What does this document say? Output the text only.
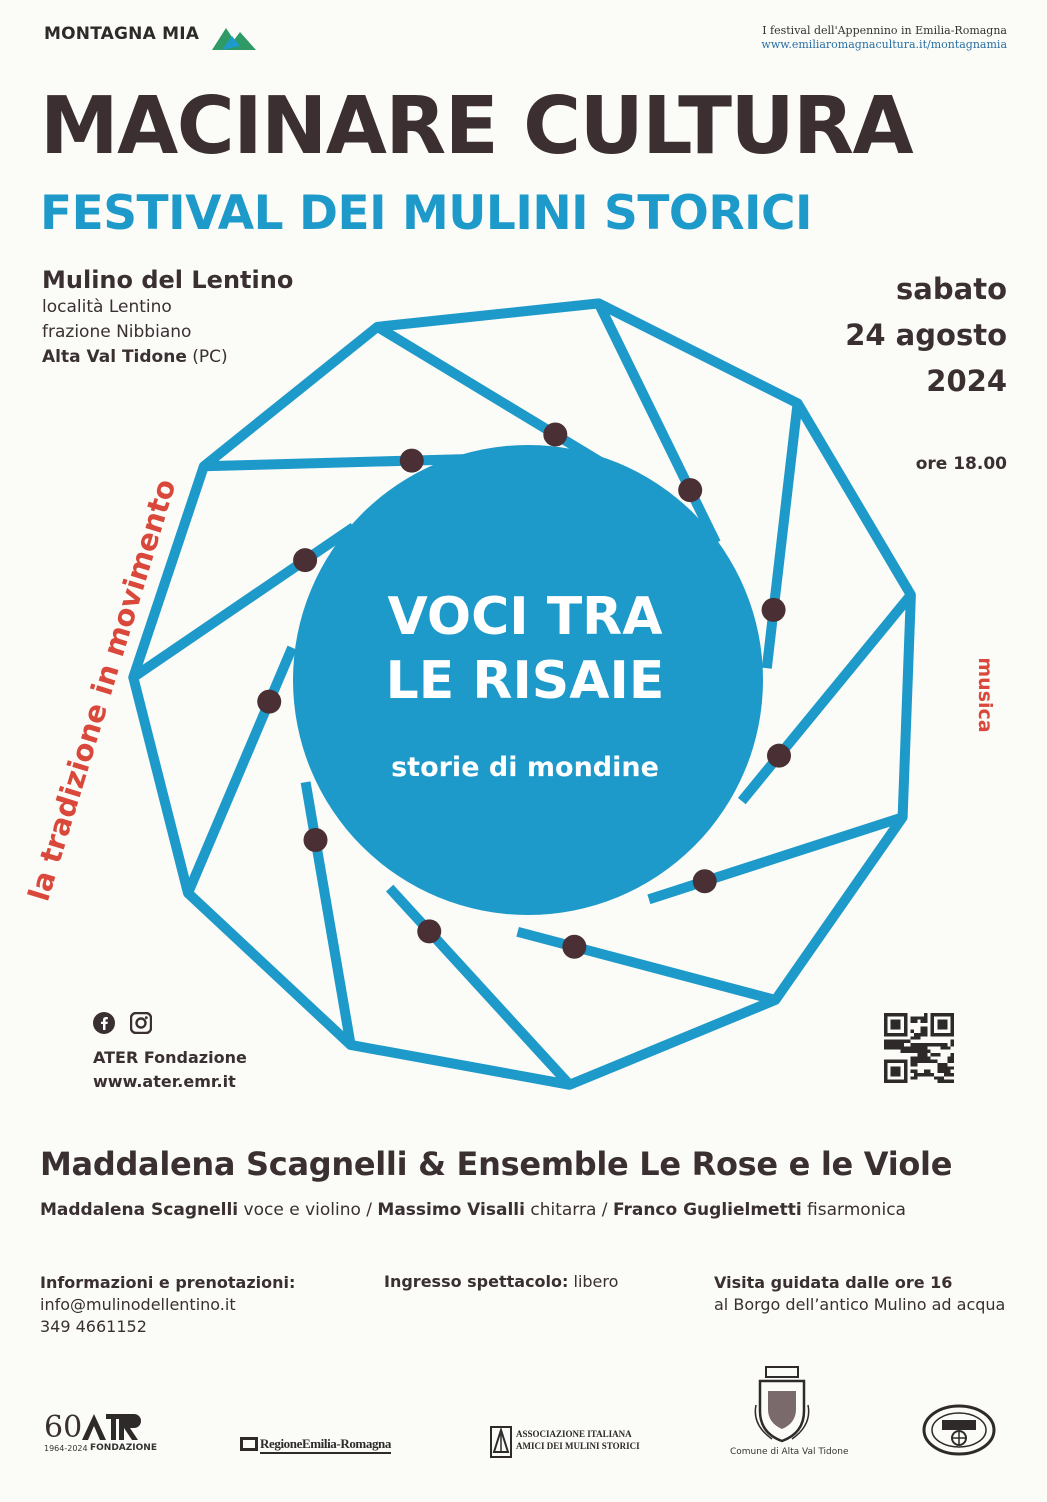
MONTAGNA MIA	I festival dell'Appennino in Emilia-Romagna
www.emiliaromagnacultura.it/montagnamia
MACINARE CULTURA
FESTIVAL DEI MULINI STORICI
Mulino del Lentino
località Lentino
frazione Nibbiano
Alta Val Tidone (PC)
sabato
24 agosto
2024
ore 18.00
la tradizione in movimento	musica
VOCI TRA
LE RISAIE
storie di mondine

ATER Fondazione
www.ater.emr.it
Maddalena Scagnelli & Ensemble Le Rose e le Viole
Maddalena Scagnelli voce e violino / Massimo Visalli chitarra / Franco Guglielmetti fisarmonica
Informazioni e prenotazioni:
info@mulinodellentino.it
349 4661152
Ingresso spettacolo: libero	Visita guidata dalle ore 16
al Borgo dell’antico Mulino ad acqua
60
1964-2024 FONDAZIONE	RegioneEmilia-Romagna
ASSOCIAZIONE ITALIANA
AMICI DEI MULINI STORICI
Comune di Alta Val Tidone
